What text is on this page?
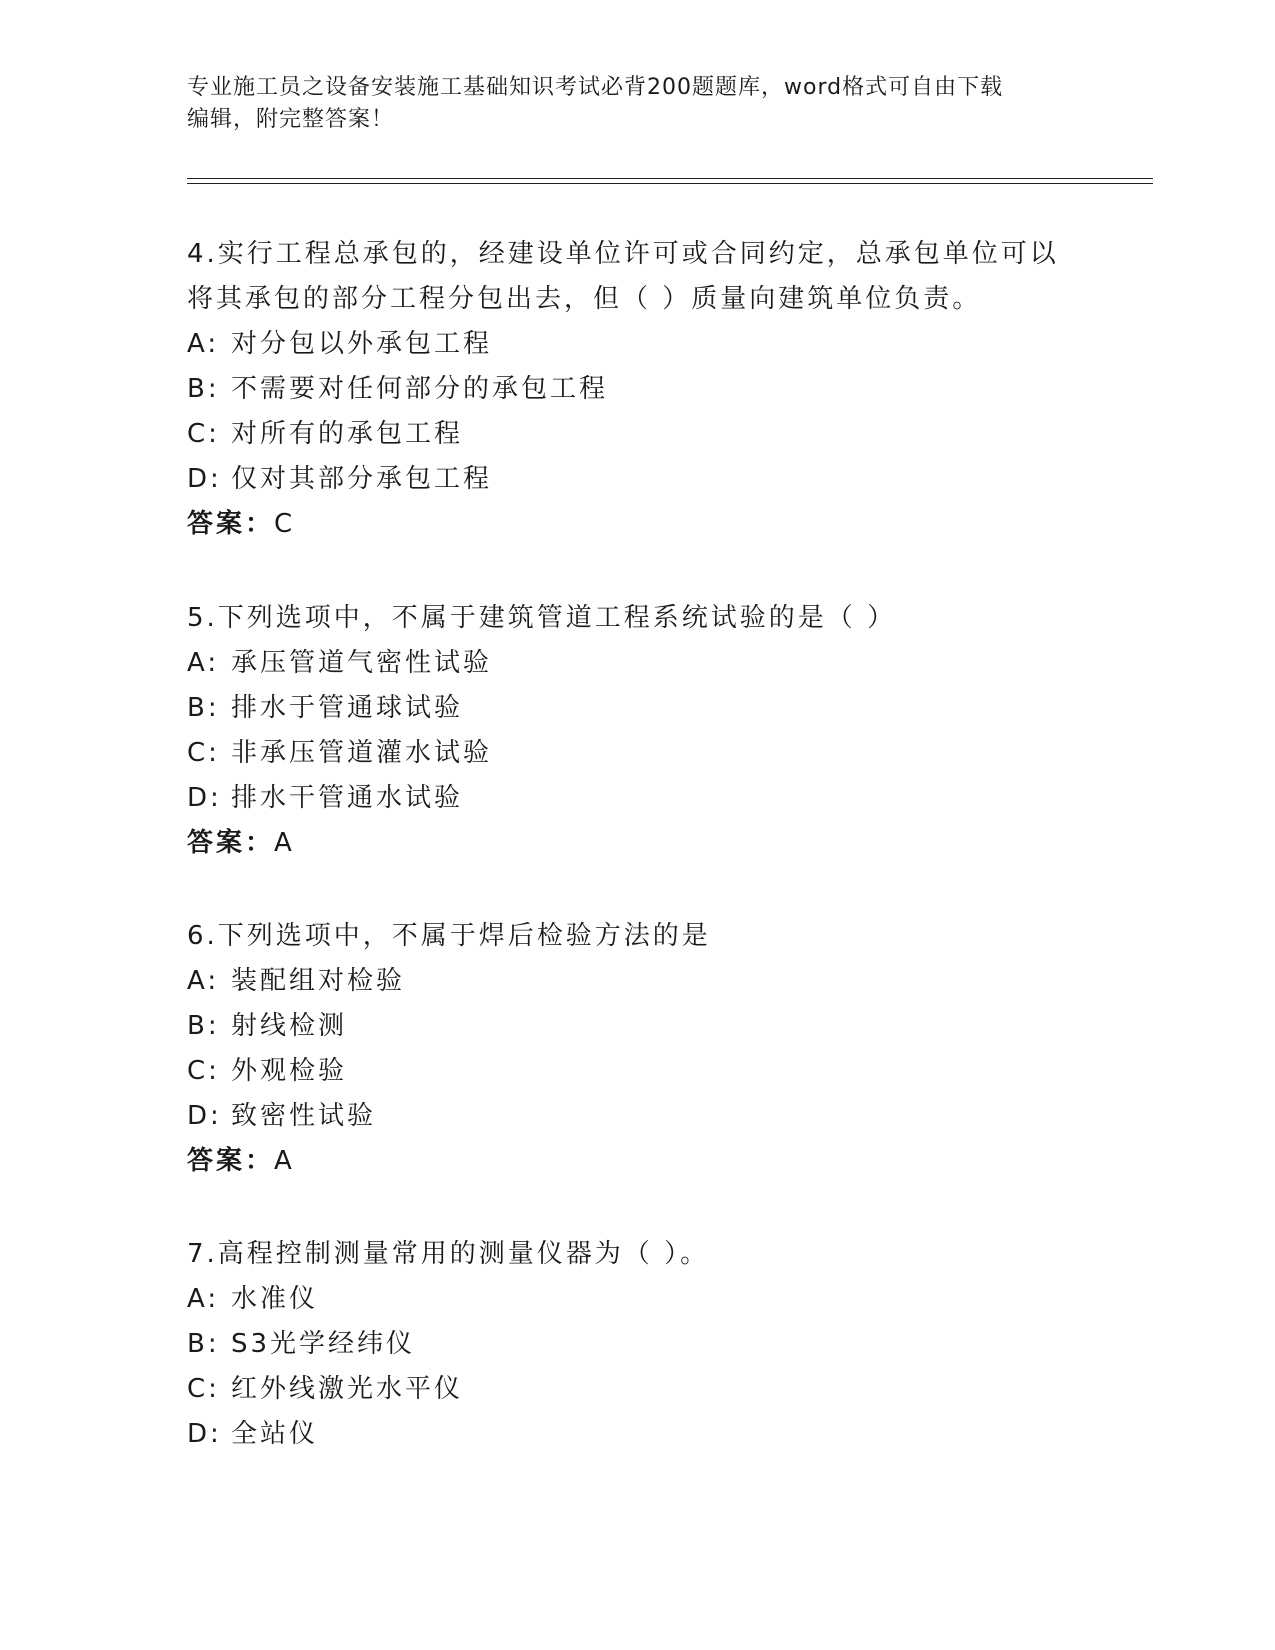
专业施工员之设备安装施工基础知识考试必背200题题库，word格式可自由下载
编辑，附完整答案！
4.实行工程总承包的，经建设单位许可或合同约定，总承包单位可以
将其承包的部分工程分包出去，但（ ）质量向建筑单位负责。
A: 对分包以外承包工程
B: 不需要对任何部分的承包工程
C: 对所有的承包工程
D: 仅对其部分承包工程
答案：C
5.下列选项中，不属于建筑管道工程系统试验的是（ ）
A: 承压管道气密性试验
B: 排水于管通球试验
C: 非承压管道灌水试验
D: 排水干管通水试验
答案：A
6.下列选项中，不属于焊后检验方法的是
A: 装配组对检验
B: 射线检测
C: 外观检验
D: 致密性试验
答案：A
7.高程控制测量常用的测量仪器为（ ）。
A: 水准仪
B: S3光学经纬仪
C: 红外线激光水平仪
D: 全站仪
